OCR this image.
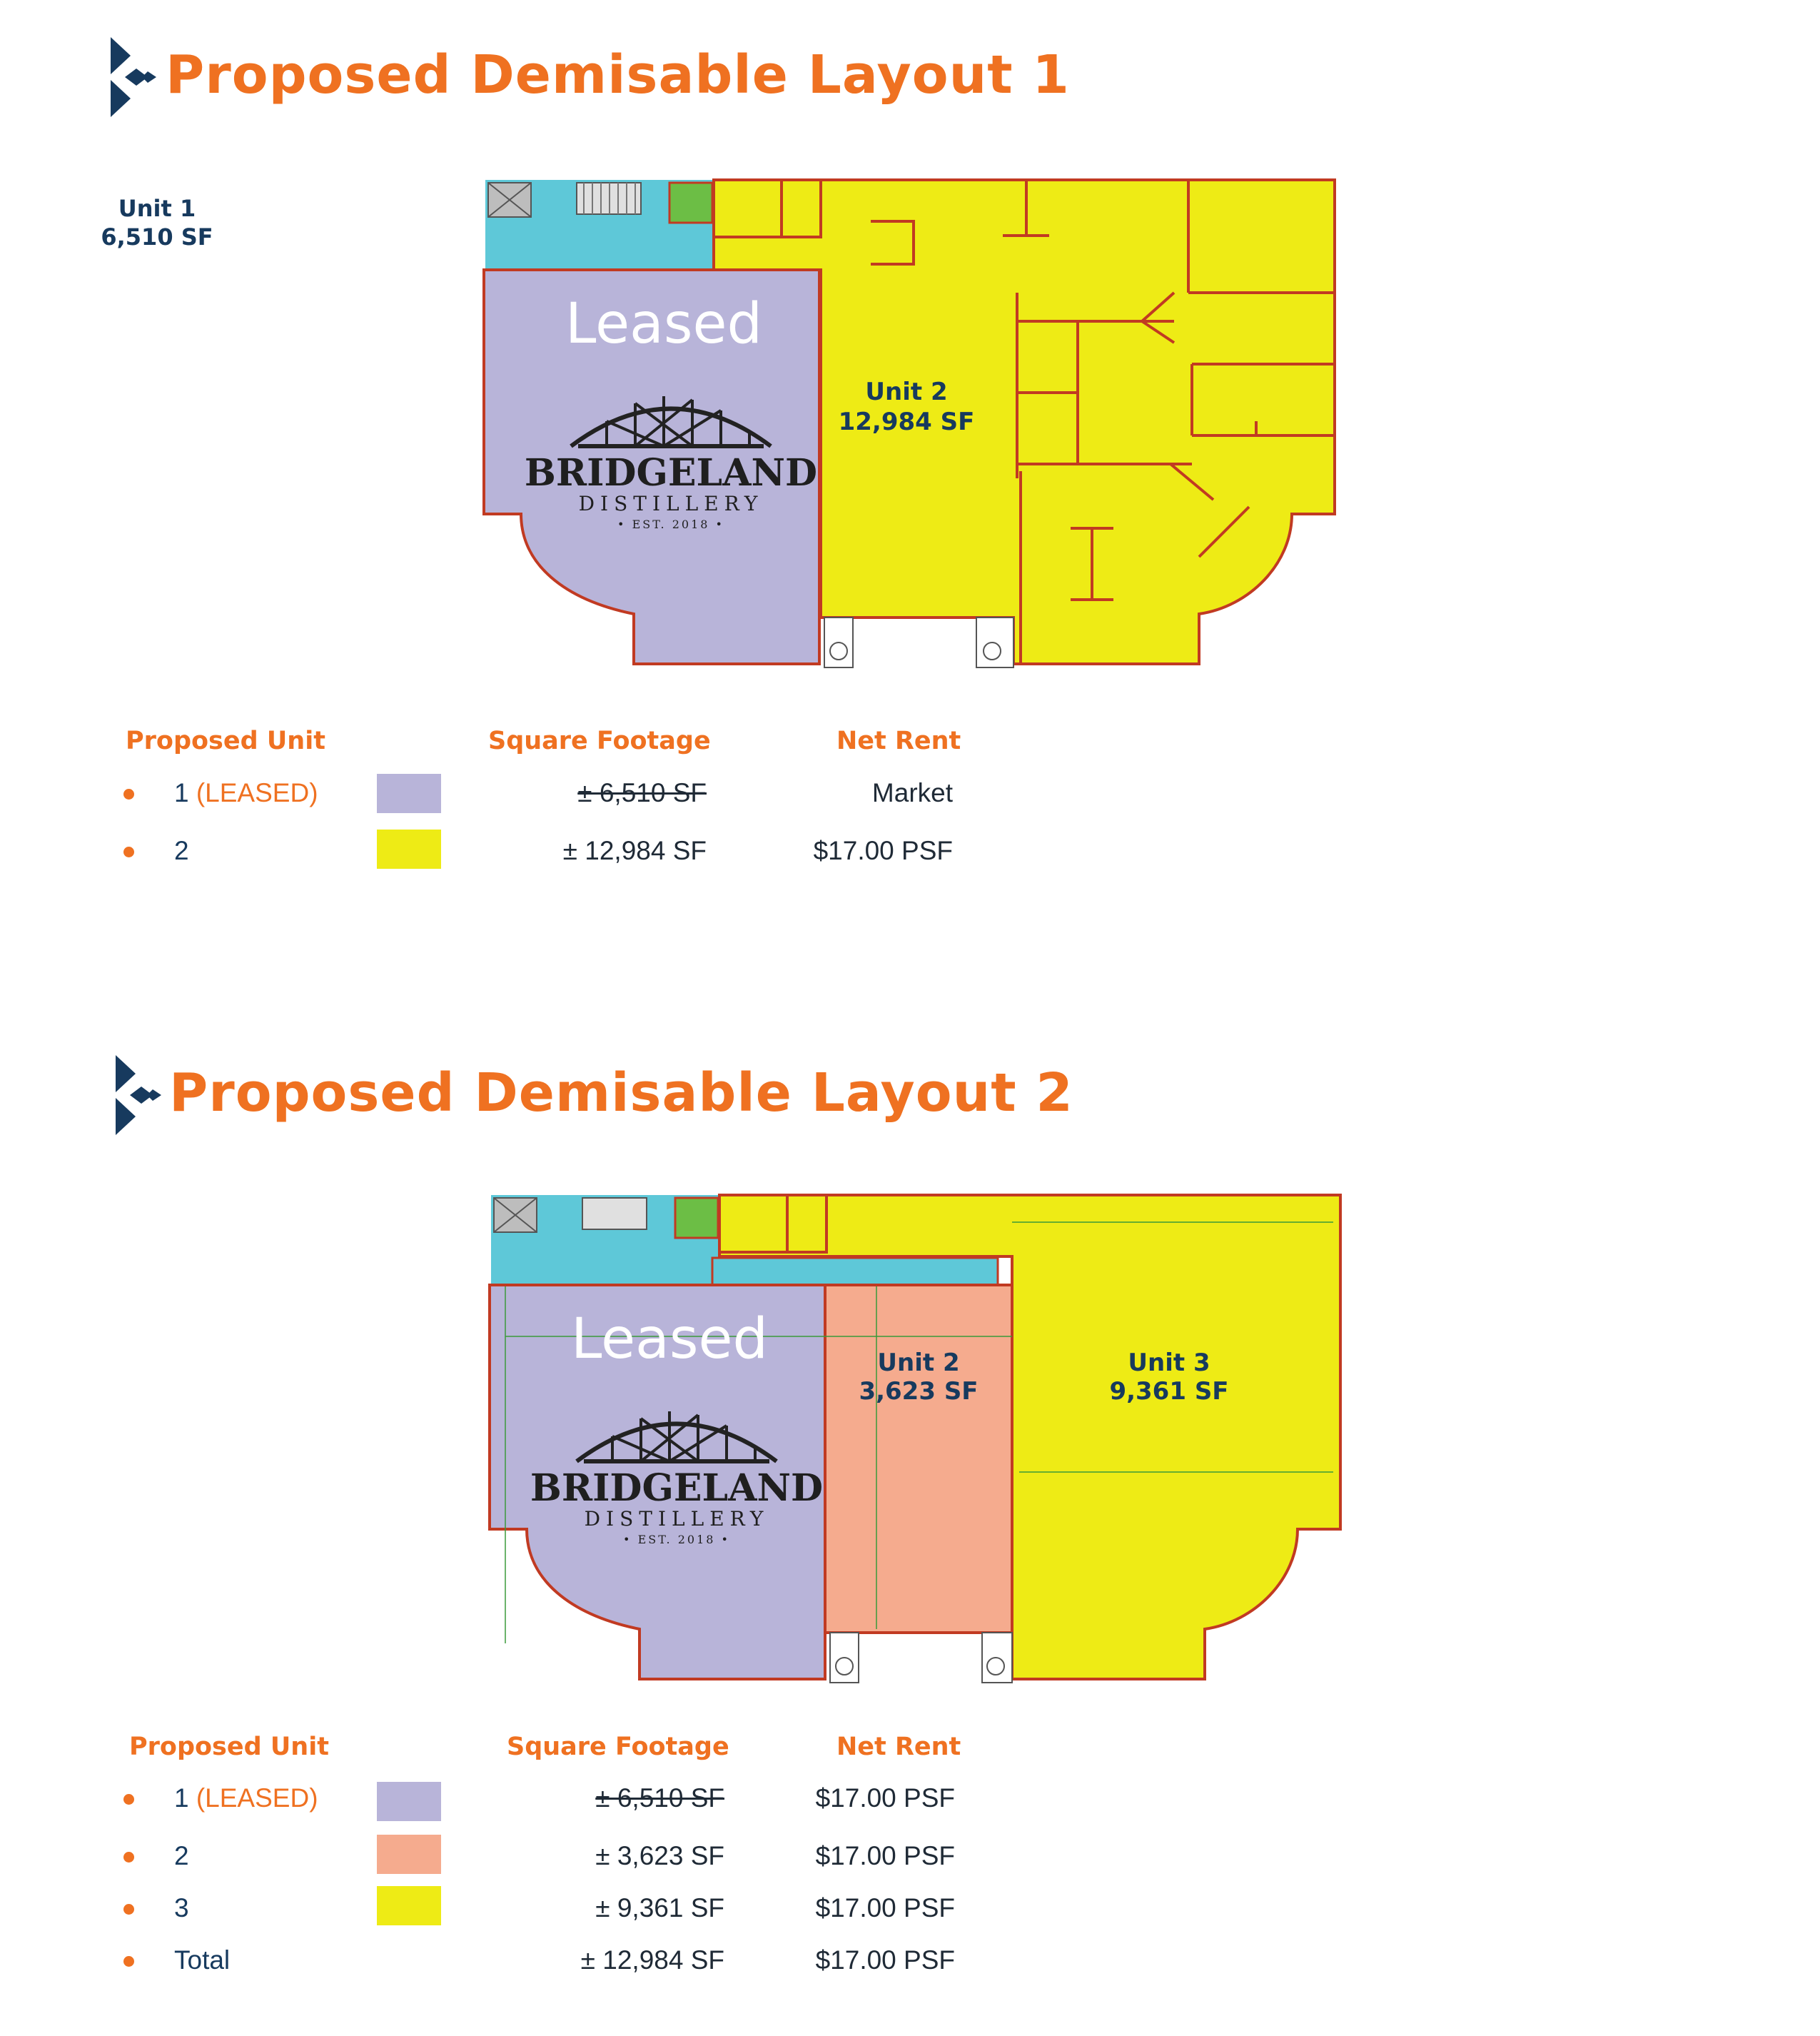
Proposed Demisable Layout 1
Unit 1
6,510 SF
Leased
BRIDGELAND
DISTILLERY
• EST. 2018 •
Unit 2
12,984 SF
Proposed Unit	Square Footage	Net Rent
1 (LEASED)	± 6,510 SF	Market
2	± 12,984 SF	$17.00 PSF
Proposed Demisable Layout 2
Leased
BRIDGELAND
DISTILLERY
• EST. 2018 •
Unit 2
3,623 SF
Unit 3
9,361 SF
Proposed Unit	Square Footage	Net Rent
1 (LEASED)	± 6,510 SF	$17.00 PSF
2	± 3,623 SF	$17.00 PSF
3	± 9,361 SF	$17.00 PSF
Total	± 12,984 SF	$17.00 PSF
